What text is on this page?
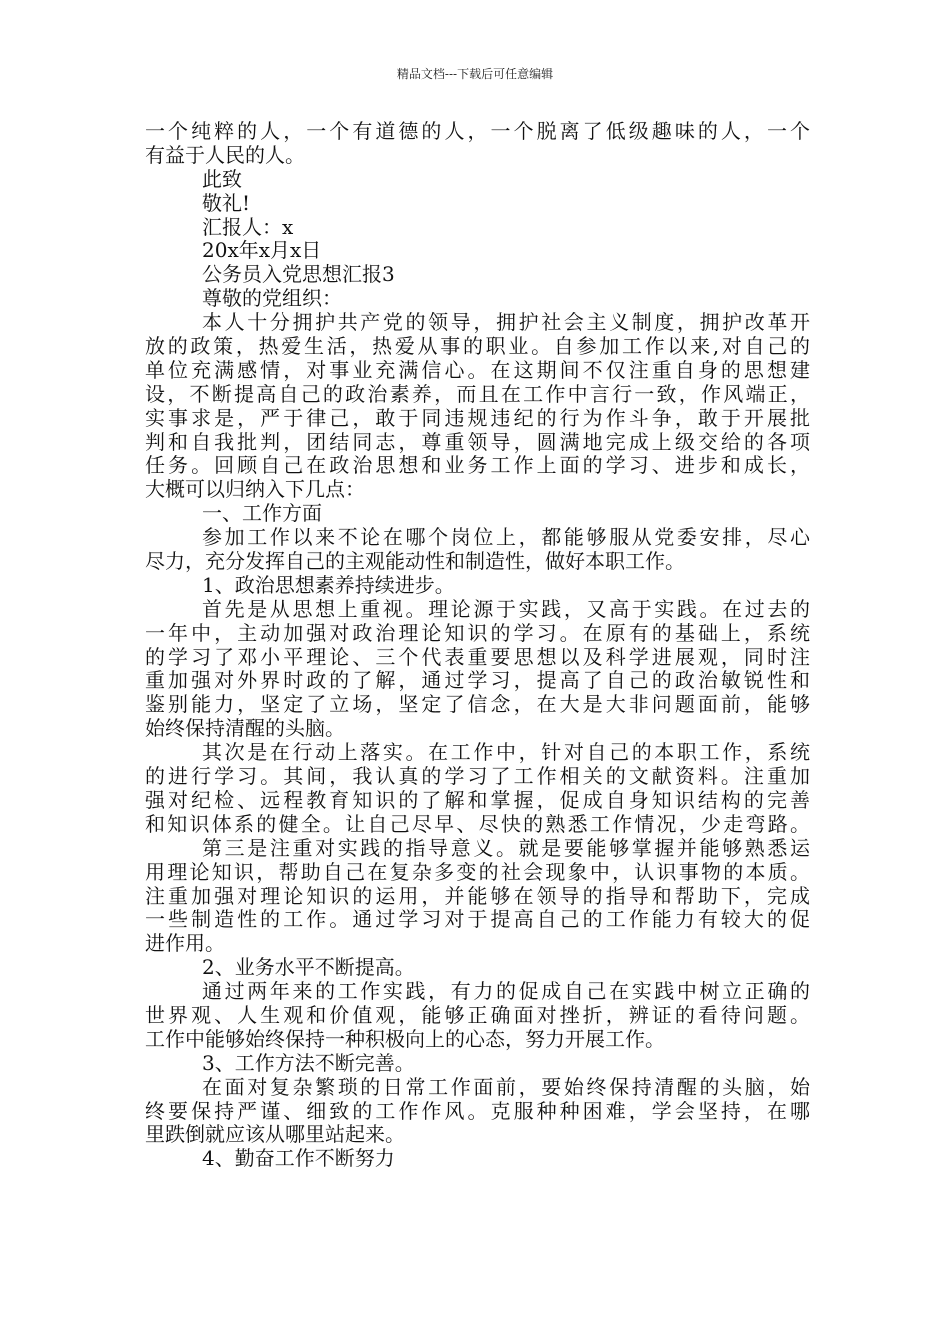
精品文档---下载后可任意编辑
一个纯粹的人，一个有道德的人，一个脱离了低级趣味的人，一个
有益于人民的人。
此致
敬礼!
汇报人：x
20x年x月x日
公务员入党思想汇报3
尊敬的党组织：
本人十分拥护共产党的领导，拥护社会主义制度，拥护改革开
放的政策，热爱生活，热爱从事的职业。自参加工作以来,对自己的
单位充满感情，对事业充满信心。在这期间不仅注重自身的思想建
设，不断提高自己的政治素养，而且在工作中言行一致，作风端正，
实事求是，严于律己，敢于同违规违纪的行为作斗争，敢于开展批
判和自我批判，团结同志，尊重领导，圆满地完成上级交给的各项
任务。回顾自己在政治思想和业务工作上面的学习、进步和成长，
大概可以归纳入下几点：
一、工作方面
参加工作以来不论在哪个岗位上，都能够服从党委安排，尽心
尽力，充分发挥自己的主观能动性和制造性，做好本职工作。
1、政治思想素养持续进步。
首先是从思想上重视。理论源于实践，又高于实践。在过去的
一年中，主动加强对政治理论知识的学习。在原有的基础上，系统
的学习了邓小平理论、三个代表重要思想以及科学进展观，同时注
重加强对外界时政的了解，通过学习，提高了自己的政治敏锐性和
鉴别能力，坚定了立场，坚定了信念，在大是大非问题面前，能够
始终保持清醒的头脑。
其次是在行动上落实。在工作中，针对自己的本职工作，系统
的进行学习。其间，我认真的学习了工作相关的文献资料。注重加
强对纪检、远程教育知识的了解和掌握，促成自身知识结构的完善
和知识体系的健全。让自己尽早、尽快的熟悉工作情况，少走弯路。
第三是注重对实践的指导意义。就是要能够掌握并能够熟悉运
用理论知识，帮助自己在复杂多变的社会现象中，认识事物的本质。
注重加强对理论知识的运用，并能够在领导的指导和帮助下，完成
一些制造性的工作。通过学习对于提高自己的工作能力有较大的促
进作用。
2、业务水平不断提高。
通过两年来的工作实践，有力的促成自己在实践中树立正确的
世界观、人生观和价值观，能够正确面对挫折，辨证的看待问题。
工作中能够始终保持一种积极向上的心态，努力开展工作。
3、工作方法不断完善。
在面对复杂繁琐的日常工作面前，要始终保持清醒的头脑，始
终要保持严谨、细致的工作作风。克服种种困难，学会坚持，在哪
里跌倒就应该从哪里站起来。
4、勤奋工作不断努力
